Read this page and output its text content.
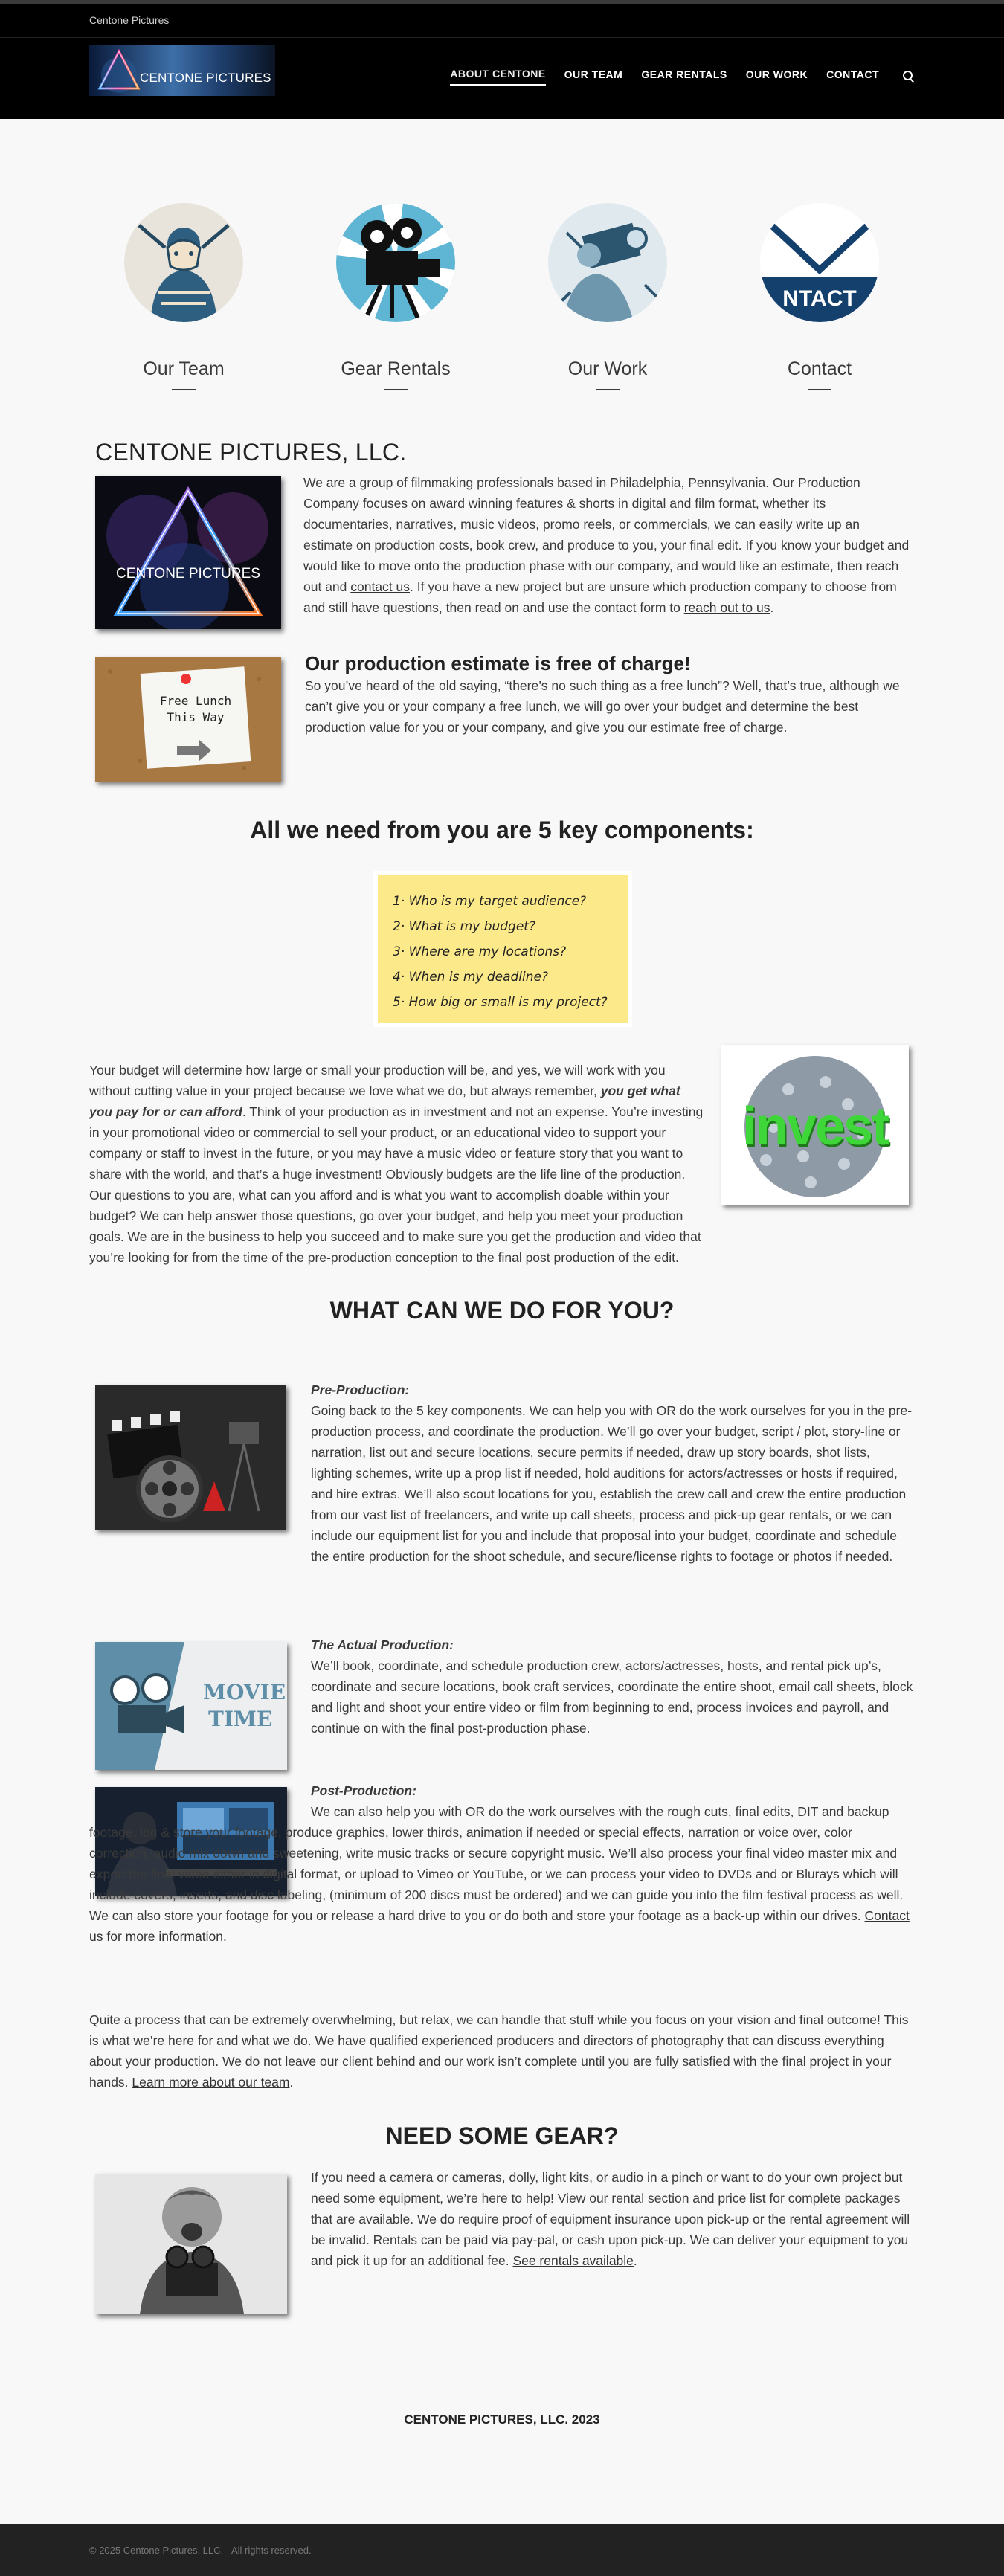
Centone Pictures
CENTONE PICTURES	ABOUT CENTONE OUR TEAM GEAR RENTALS OUR WORK CONTACT
Our Team	Gear Rentals	Our Work
NTACT
Contact
CENTONE PICTURES, LLC.
CENTONE PICTURES

We are a group of filmmaking professionals based in Philadelphia, Pennsylvania. Our Production Company focuses on award winning features & shorts in digital and film format, whether its documentaries, narratives, music videos, promo reels, or commercials, we can easily write up an estimate on production costs, book crew, and produce to you, your final edit. If you know your budget and would like to move onto the production phase with our company, and would like an estimate, then reach out and contact us. If you have a new project but are unsure which production company to choose from and still have questions, then read on and use the contact form to reach out to us.

Free Lunch
This Way
Our production estimate is free of charge!
So you’ve heard of the old saying, “there’s no such thing as a free lunch”? Well, that’s true, although we can’t give you or your company a free lunch, we will go over your budget and determine the best production value for you or your company, and give you our estimate free of charge.
All we need from you are 5 key components:
1· Who is my target audience?
2· What is my budget?
3· Where are my locations?
4· When is my deadline?
5· How big or small is my project?
invest

Your budget will determine how large or small your production will be, and yes, we will work with you without cutting value in your project because we love what we do, but always remember, you get what you pay for or can afford. Think of your production as in investment and not an expense. You’re investing in your promotional video or commercial to sell your product, or an educational video to support your company or staff to invest in the future, or you may have a music video or feature story that you want to share with the world, and that’s a huge investment! Obviously budgets are the life line of the production. Our questions to you are, what can you afford and is what you want to accomplish doable within your budget? We can help answer those questions, go over your budget, and help you meet your production goals. We are in the business to help you succeed and to make sure you get the production and video that you’re looking for from the time of the pre-production conception to the final post production of the edit.

WHAT CAN WE DO FOR YOU?
Pre-Production:
Going back to the 5 key components. We can help you with OR do the work ourselves for you in the pre-production process, and coordinate the production. We’ll go over your budget, script / plot, story-line or narration, list out and secure locations, secure permits if needed, draw up story boards, shot lists, lighting schemes, write up a prop list if needed, hold auditions for actors/actresses or hosts if required, and hire extras. We’ll also scout locations for you, establish the crew call and crew the entire production from our vast list of freelancers, and write up call sheets, process and pick-up gear rentals, or we can include our equipment list for you and include that proposal into your budget, coordinate and schedule the entire production for the shoot schedule, and secure/license rights to footage or photos if needed.
MOVIE
TIME
The Actual Production:
We’ll book, coordinate, and schedule production crew, actors/actresses, hosts, and rental pick up’s, coordinate and secure locations, book craft services, coordinate the entire shoot, email call sheets, block and light and shoot your entire video or film from beginning to end, process invoices and payroll, and continue on with the final post-production phase.
Post-Production:

We can also help you with OR do the work ourselves with the rough cuts, final edits, DIT and backup footage, log & store your footage, produce graphics, lower thirds, animation if needed or special effects, narration or voice over, color correction, audio mix down and sweetening, write music tracks or secure copyright music. We’ll also process your final video master mix and export the final video either in digital format, or upload to Vimeo or YouTube, or we can process your video to DVDs and or Blurays which will include covers, inserts, and disc labeling, (minimum of 200 discs must be ordered) and we can guide you into the film festival process as well. We can also store your footage for you or release a hard drive to you or do both and store your footage as a back-up within our drives. Contact us for more information.

Quite a process that can be extremely overwhelming, but relax, we can handle that stuff while you focus on your vision and final outcome! This is what we’re here for and what we do. We have qualified experienced producers and directors of photography that can discuss everything about your production. We do not leave our client behind and our work isn’t complete until you are fully satisfied with the final project in your hands. Learn more about our team.

NEED SOME GEAR?

If you need a camera or cameras, dolly, light kits, or audio in a pinch or want to do your own project but need some equipment, we’re here to help! View our rental section and price list for complete packages that are available. We do require proof of equipment insurance upon pick-up or the rental agreement will be invalid. Rentals can be paid via pay-pal, or cash upon pick-up. We can deliver your equipment to you and pick it up for an additional fee. See rentals available.

CENTONE PICTURES, LLC. 2023
© 2025 Centone Pictures, LLC. - All rights reserved.
